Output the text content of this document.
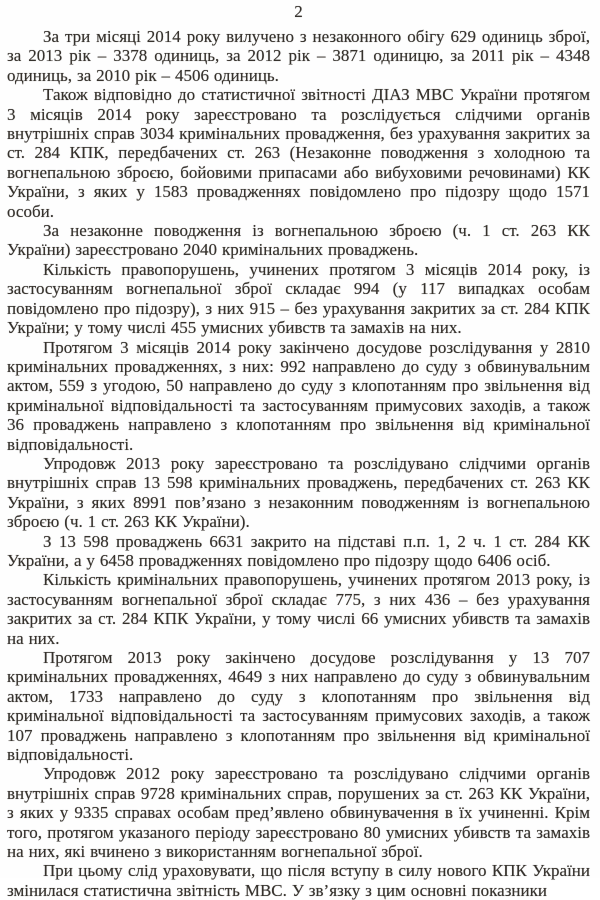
2

За три місяці 2014 року вилучено з незаконного обігу 629 одиниць зброї, за 2013 рік – 3378 одиниць, за 2012 рік – 3871 одиницю, за 2011 рік – 4348 одиниць, за 2010 рік – 4506 одиниць.

Також відповідно до статистичної звітності ДІАЗ МВС України протягом 3 місяців 2014 року зареєстровано та розслідується слідчими органів внутрішніх справ 3034 кримінальних провадження, без урахування закритих за ст. 284 КПК, передбачених ст. 263 (Незаконне поводження з холодною та вогнепальною зброєю, бойовими припасами або вибуховими речовинами) КК України, з яких у 1583 провадженнях повідомлено про підозру щодо 1571 особи.

За незаконне поводження із вогнепальною зброєю (ч. 1 ст. 263 КК України) зареєстровано 2040 кримінальних проваджень.

Кількість правопорушень, учинених протягом 3 місяців 2014 року, із застосуванням вогнепальної зброї складає 994 (у 117 випадках особам повідомлено про підозру), з них 915 – без урахування закритих за ст. 284 КПК України; у тому числі 455 умисних убивств та замахів на них.

Протягом 3 місяців 2014 року закінчено досудове розслідування у 2810 кримінальних провадженнях, з них: 992 направлено до суду з обвинувальним актом, 559 з угодою, 50 направлено до суду з клопотанням про звільнення від кримінальної відповідальності та застосуванням примусових заходів, а також 36 проваджень направлено з клопотанням про звільнення від кримінальної відповідальності.

Упродовж 2013 року зареєстровано та розслідувано слідчими органів внутрішніх справ 13 598 кримінальних проваджень, передбачених ст. 263 КК України, з яких 8991 пов’язано з незаконним поводженням із вогнепальною зброєю (ч. 1 ст. 263 КК України).

З 13 598 проваджень 6631 закрито на підставі п.п. 1, 2 ч. 1 ст. 284 КК України, а у 6458 провадженнях повідомлено про підозру щодо 6406 осіб.

Кількість кримінальних правопорушень, учинених протягом 2013 року, із застосуванням вогнепальної зброї складає 775, з них 436 – без урахування закритих за ст. 284 КПК України, у тому числі 66 умисних убивств та замахів на них.

Протягом 2013 року закінчено досудове розслідування у 13 707 кримінальних провадженнях, 4649 з них направлено до суду з обвинувальним актом, 1733 направлено до суду з клопотанням про звільнення від кримінальної відповідальності та застосуванням примусових заходів, а також 107 проваджень направлено з клопотанням про звільнення від кримінальної відповідальності.

Упродовж 2012 року зареєстровано та розслідувано слідчими органів внутрішніх справ 9728 кримінальних справ, порушених за ст. 263 КК України, з яких у 9335 справах особам пред’явлено обвинувачення в їх учиненні. Крім того, протягом указаного періоду зареєстровано 80 умисних убивств та замахів на них, які вчинено з використанням вогнепальної зброї.

При цьому слід ураховувати, що після вступу в силу нового КПК України змінилася статистична звітність МВС. У зв’язку з цим основні показники
